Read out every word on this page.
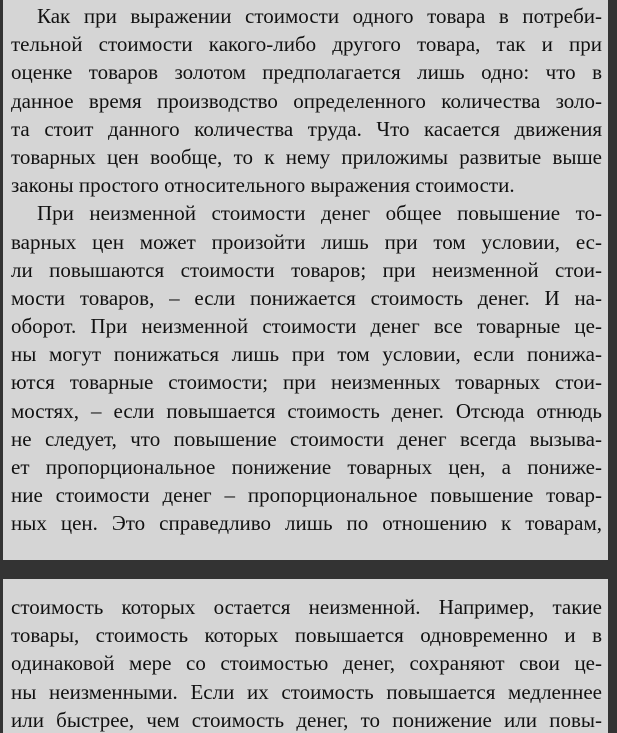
Как при выражении стоимости одного товара в потреби-
тельной стоимости какого-либо другого товара, так и при
оценке товаров золотом предполагается лишь одно: что в
данное время производство определенного количества золо-
та стоит данного количества труда. Что касается движения
товарных цен вообще, то к нему приложимы развитые выше
законы простого относительного выражения стоимости.
При неизменной стоимости денег общее повышение то-
варных цен может произойти лишь при том условии, ес-
ли повышаются стоимости товаров; при неизменной стои-
мости товаров, – если понижается стоимость денег. И на-
оборот. При неизменной стоимости денег все товарные це-
ны могут понижаться лишь при том условии, если понижа-
ются товарные стоимости; при неизменных товарных стои-
мостях, – если повышается стоимость денег. Отсюда отнюдь
не следует, что повышение стоимости денег всегда вызыва-
ет пропорциональное понижение товарных цен, а пониже-
ние стоимости денег – пропорциональное повышение товар-
ных цен. Это справедливо лишь по отношению к товарам,
стоимость которых остается неизменной. Например, такие
товары, стоимость которых повышается одновременно и в
одинаковой мере со стоимостью денег, сохраняют свои це-
ны неизменными. Если их стоимость повышается медленнее
или быстрее, чем стоимость денег, то понижение или повы-
